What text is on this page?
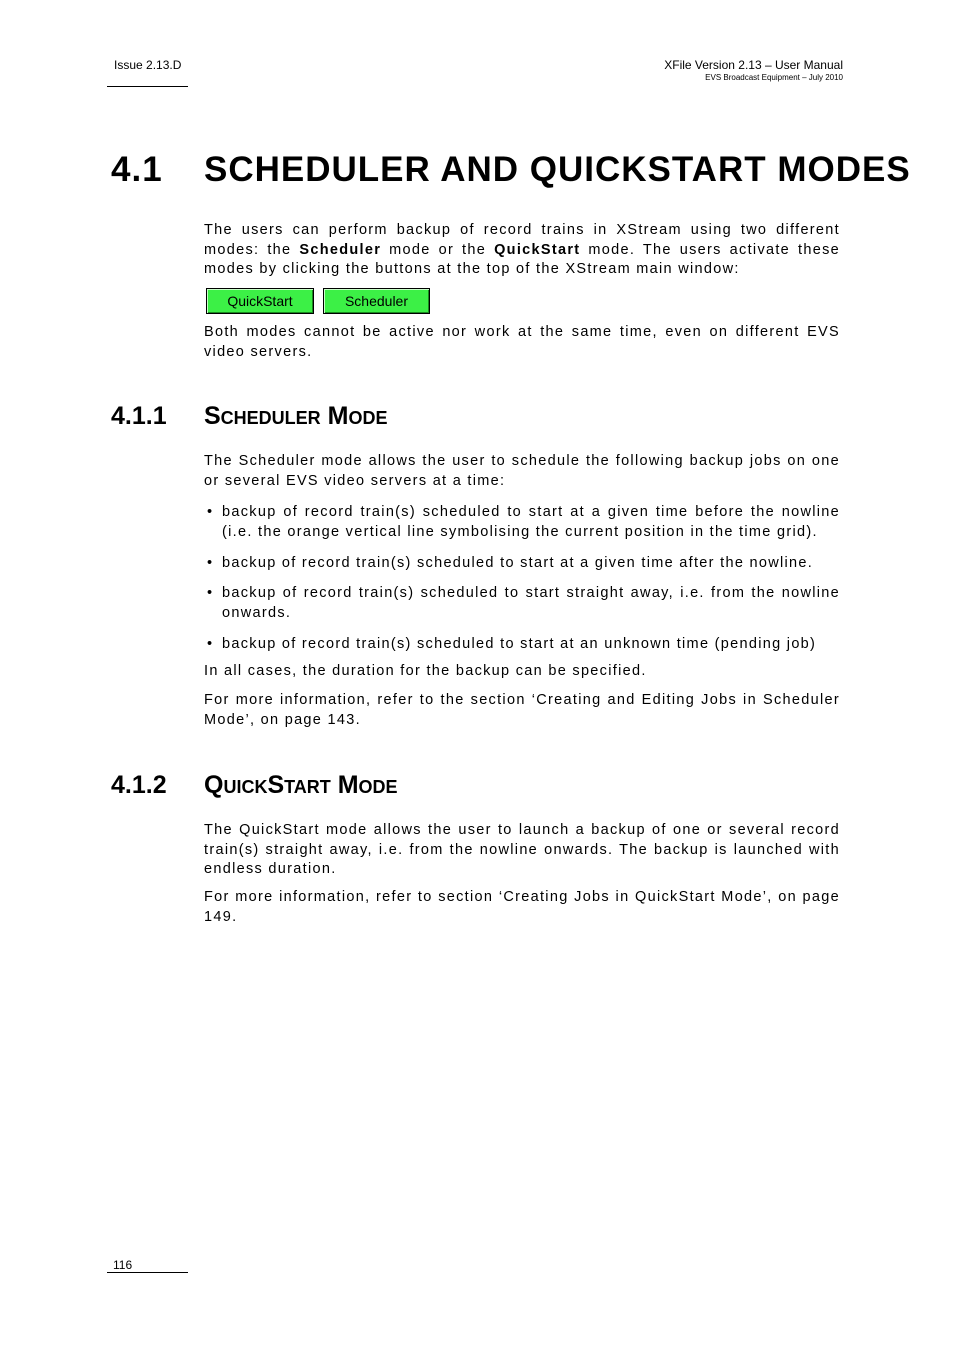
Issue 2.13.D	XFile Version 2.13 – User Manual
EVS Broadcast Equipment – July 2010
4.1 SCHEDULER AND QUICKSTART MODES
The users can perform backup of record trains in XStream using two different modes: the Scheduler mode or the QuickStart mode. The users activate these modes by clicking the buttons at the top of the XStream main window:
QuickStart	Scheduler
Both modes cannot be active nor work at the same time, even on different EVS video servers.
4.1.1 Scheduler Mode
The Scheduler mode allows the user to schedule the following backup jobs on one or several EVS video servers at a time:
• backup of record train(s) scheduled to start at a given time before the nowline (i.e. the orange vertical line symbolising the current position in the time grid).
• backup of record train(s) scheduled to start at a given time after the nowline.
• backup of record train(s) scheduled to start straight away, i.e. from the nowline onwards.
• backup of record train(s) scheduled to start at an unknown time (pending job)
In all cases, the duration for the backup can be specified.
For more information, refer to the section ‘Creating and Editing Jobs in Scheduler Mode’, on page 143.
4.1.2 QuickStart Mode
The QuickStart mode allows the user to launch a backup of one or several record train(s) straight away, i.e. from the nowline onwards. The backup is launched with endless duration.
For more information, refer to section ‘Creating Jobs in QuickStart Mode’, on page 149.
116
